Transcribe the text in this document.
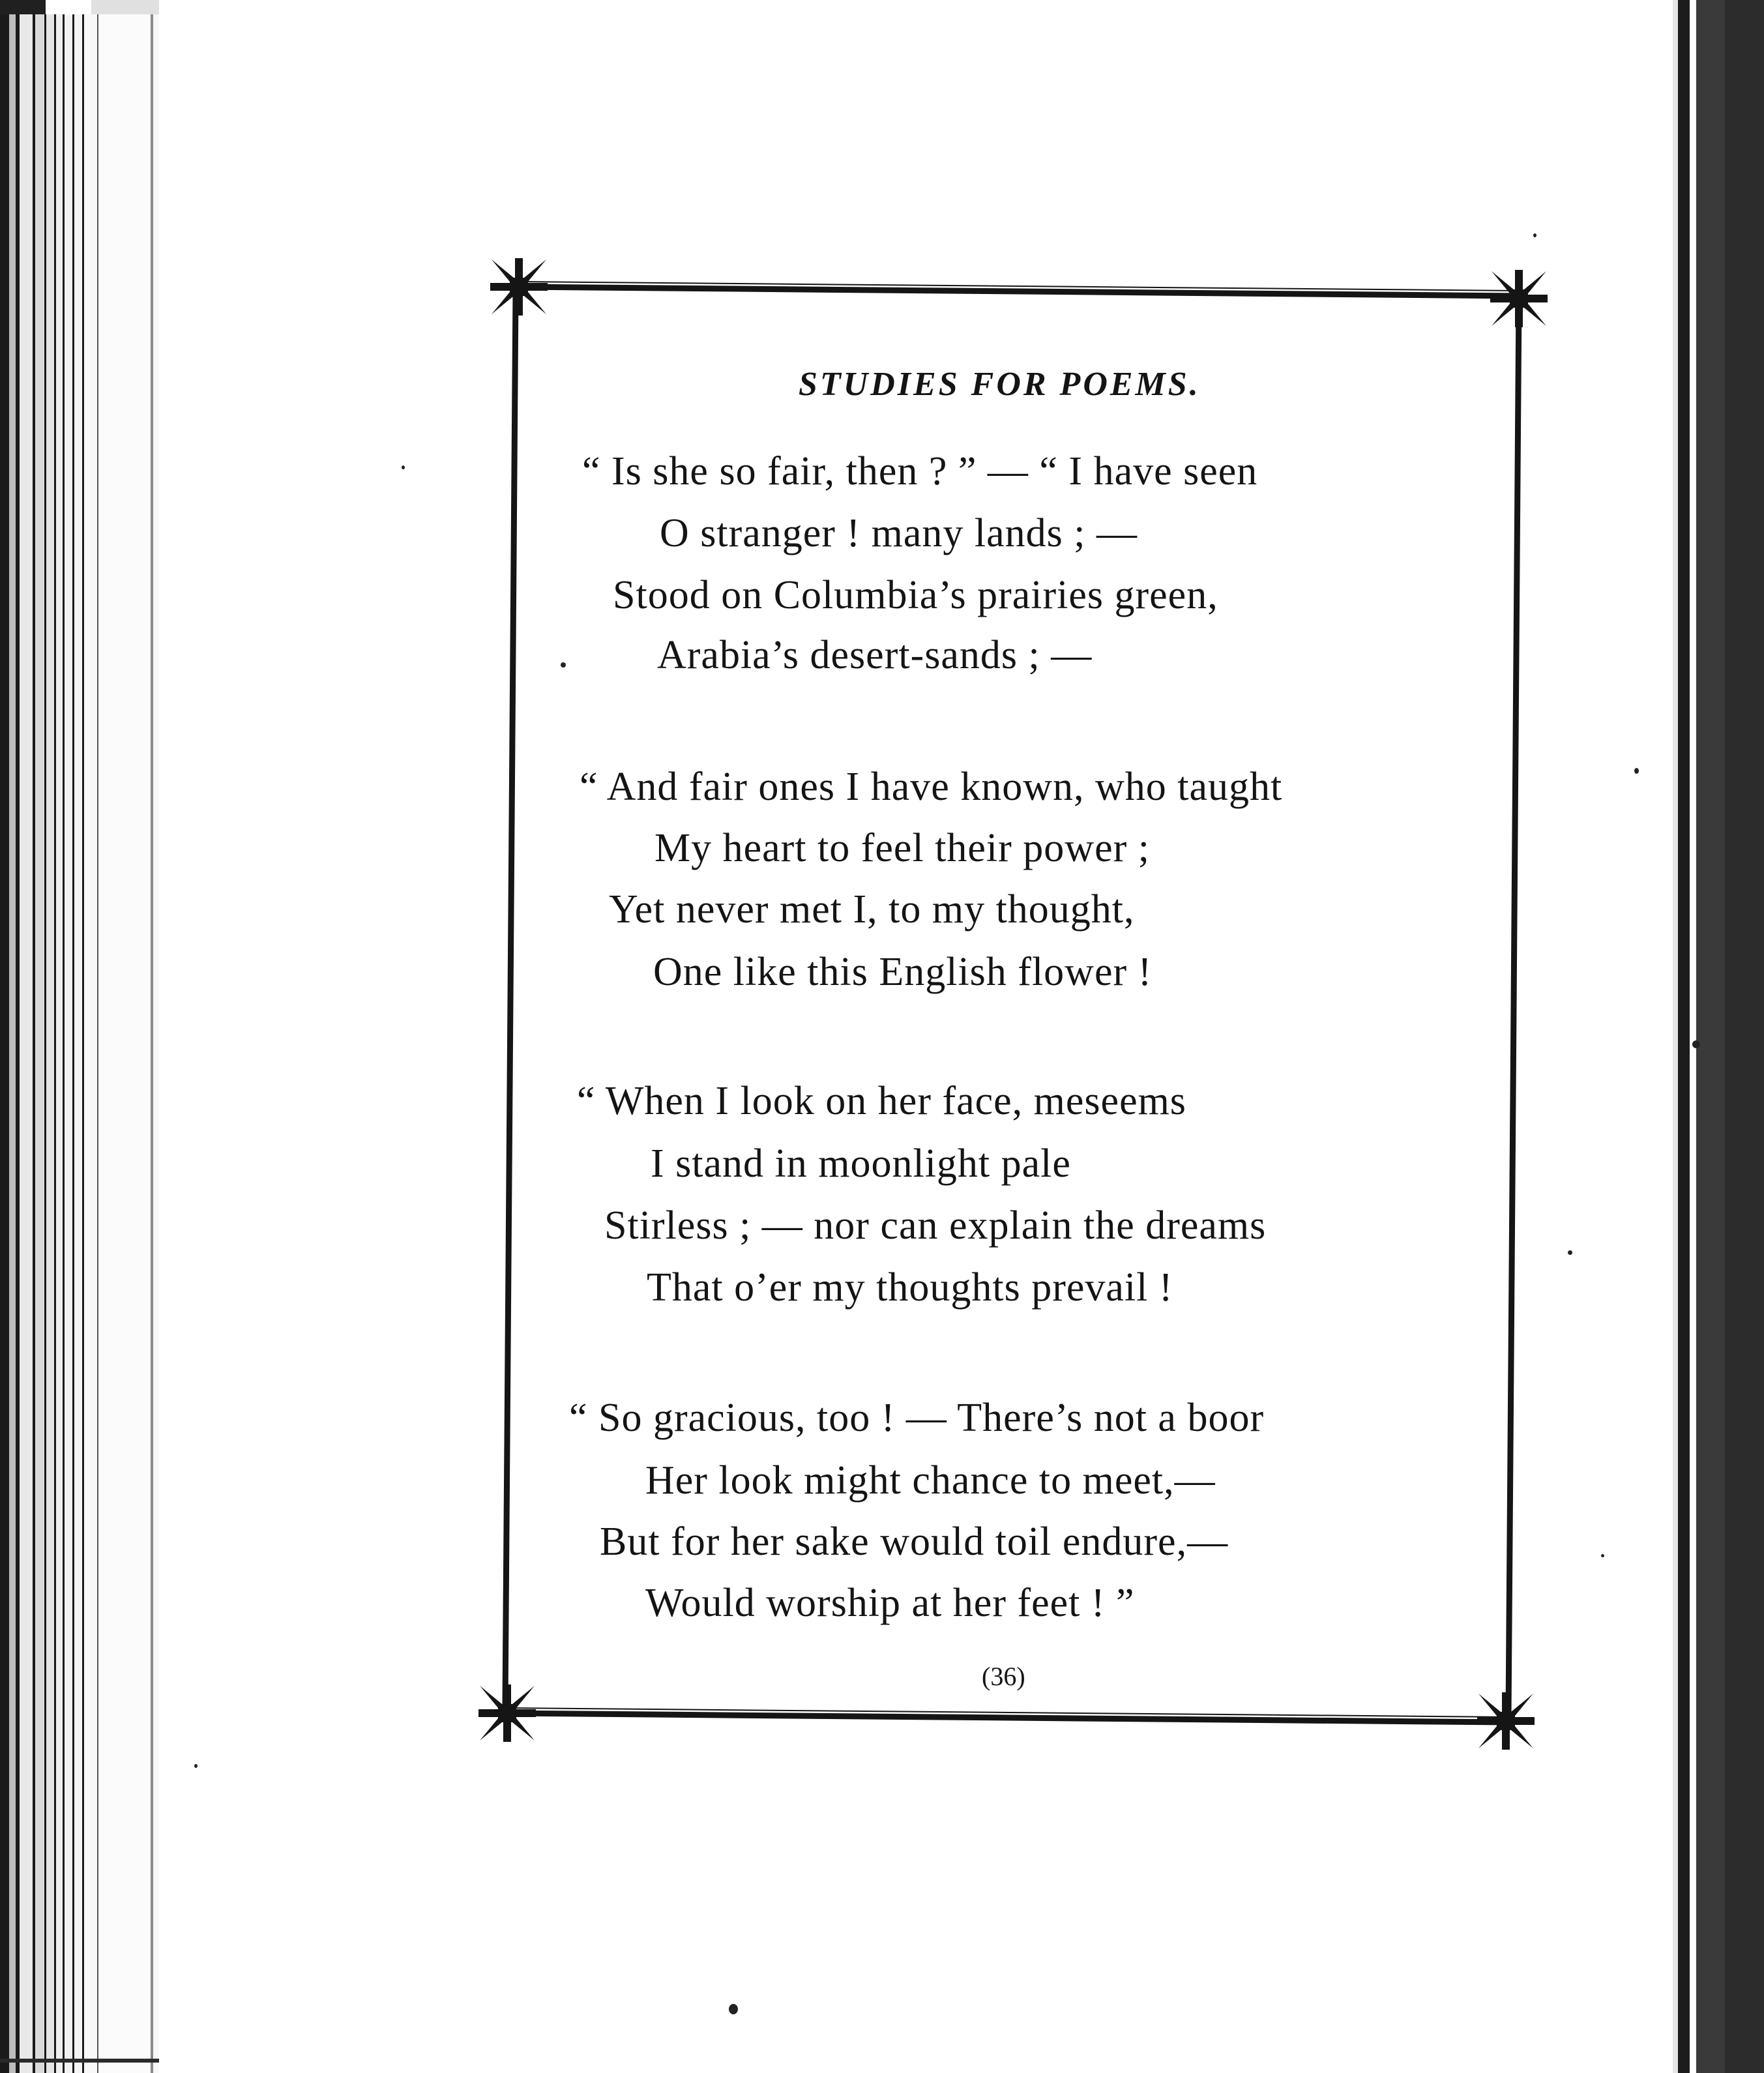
STUDIES FOR POEMS.
“ Is she so fair, then ? ” — “ I have seen
O stranger ! many lands ; —
Stood on Columbia’s prairies green,
Arabia’s desert-sands ; —
“ And fair ones I have known, who taught
My heart to feel their power ;
Yet never met I, to my thought,
One like this English flower !
“ When I look on her face, meseems
I stand in moonlight pale
Stirless ; — nor can explain the dreams
That o’er my thoughts prevail !
“ So gracious, too ! — There’s not a boor
Her look might chance to meet,—
But for her sake would toil endure,—
Would worship at her feet ! ”
(36)
